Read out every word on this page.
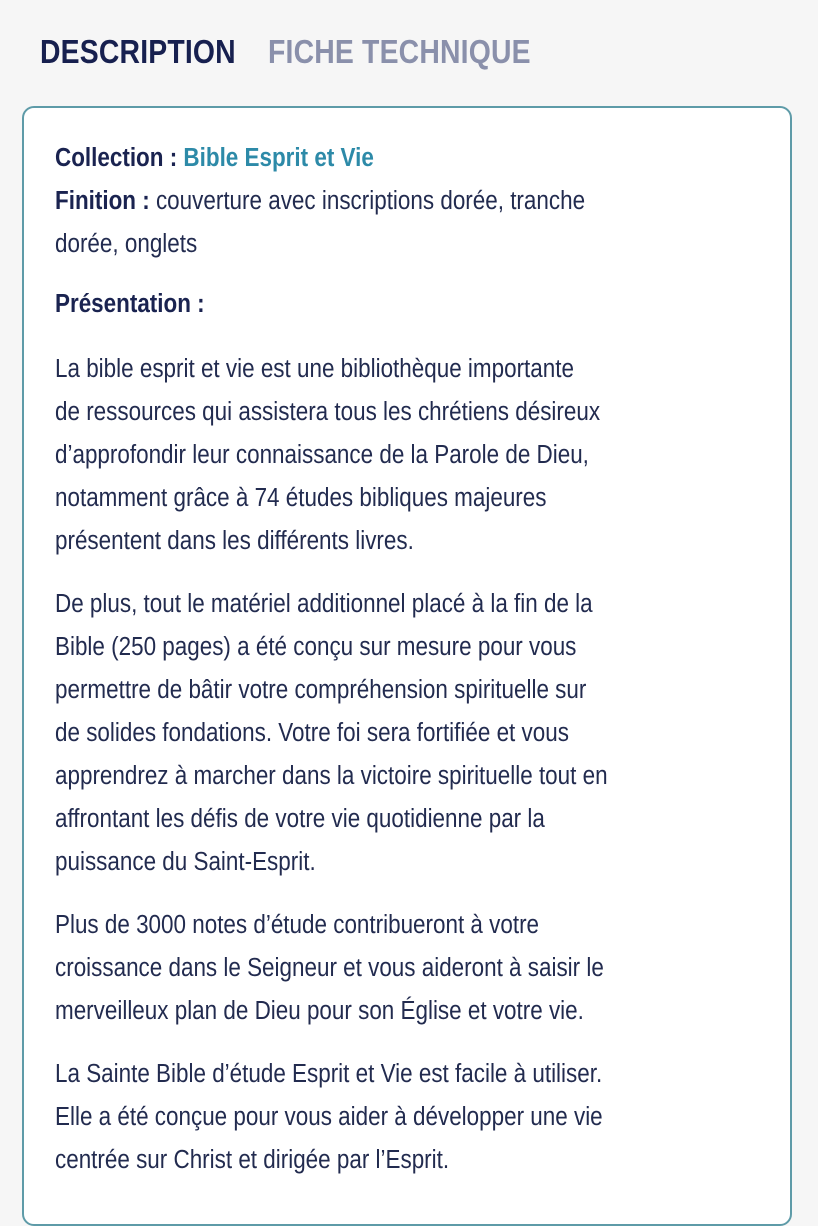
DESCRIPTION FICHE TECHNIQUE
Collection : Bible Esprit et Vie
Finition : couverture avec inscriptions dorée, tranche
dorée, onglets
Présentation :
La bible esprit et vie est une bibliothèque importante
de ressources qui assistera tous les chrétiens désireux
d’approfondir leur connaissance de la Parole de Dieu,
notamment grâce à 74 études bibliques majeures
présentent dans les différents livres.
De plus, tout le matériel additionnel placé à la fin de la
Bible (250 pages) a été conçu sur mesure pour vous
permettre de bâtir votre compréhension spirituelle sur
de solides fondations. Votre foi sera fortifiée et vous
apprendrez à marcher dans la victoire spirituelle tout en
affrontant les défis de votre vie quotidienne par la
puissance du Saint-Esprit.
Plus de 3000 notes d’étude contribueront à votre
croissance dans le Seigneur et vous aideront à saisir le
merveilleux plan de Dieu pour son Église et votre vie.
La Sainte Bible d’étude Esprit et Vie est facile à utiliser.
Elle a été conçue pour vous aider à développer une vie
centrée sur Christ et dirigée par l’Esprit.
